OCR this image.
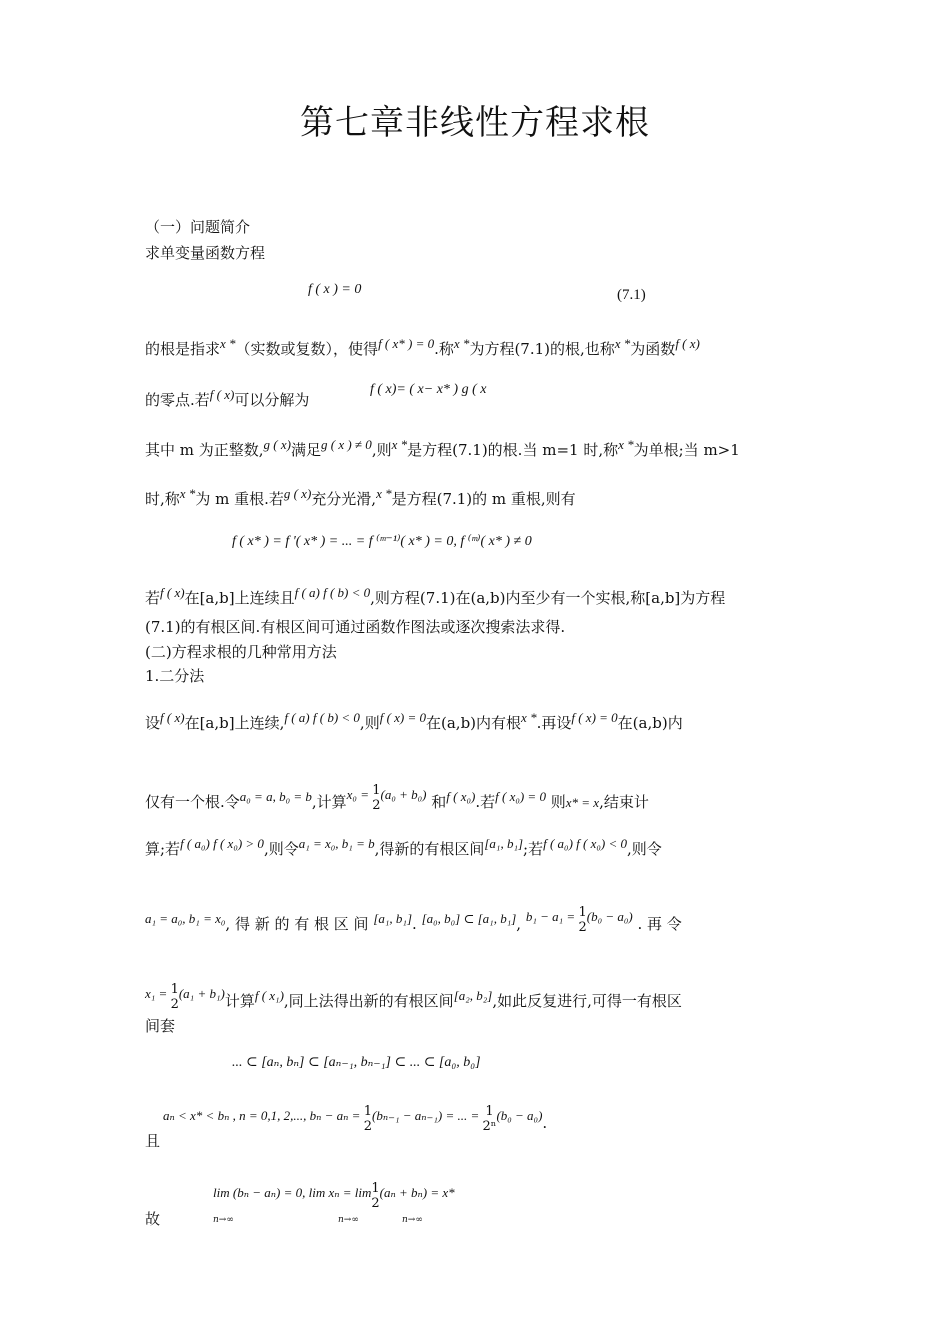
第七章非线性方程求根
（一）问题简介
求单变量函数方程
f ( x ) = 0	(7.1)
的根是指求x *（实数或复数），使得f ( x* ) = 0.称x *为方程(7.1)的根,也称x *为函数f ( x)
的零点.若f ( x)可以分解为
f ( x)= ( x− x* ) g ( x
其中 m 为正整数,g ( x)满足g ( x ) ≠ 0,则x *是方程(7.1)的根.当 m=1 时,称x *为单根;当 m>1
时,称x *为 m 重根.若g ( x)充分光滑,x *是方程(7.1)的 m 重根,则有
f ( x* ) = f '( x* ) = ... = f ⁽ᵐ⁻¹⁾( x* ) = 0, f ⁽ᵐ⁾( x* ) ≠ 0
若f ( x)在[a,b]上连续且f ( a) f ( b) < 0,则方程(7.1)在(a,b)内至少有一个实根,称[a,b]为方程
(7.1)的有根区间.有根区间可通过函数作图法或逐次搜索法求得.
(二)方程求根的几种常用方法
1.二分法
设f ( x)在[a,b]上连续,f ( a) f ( b) < 0,则f ( x) = 0在(a,b)内有根x *.再设f ( x) = 0在(a,b)内
仅有一个根.令a₀ = a, b₀ = b,计算x₀ = 1
2
(a₀ + b₀) 和f ( x₀).若f ( x₀) = 0 则x* = x,结束计
算;若f ( a₀) f ( x₀) > 0,则令a₁ = x₀, b₁ = b,得新的有根区间[a₁, b₁];若f ( a₀) f ( x₀) < 0,则令
a₁ = a₀, b₁ = x₀, 得 新 的 有 根 区 间 [a₁, b₁]. [a₀, b₀] ⊂ [a₁, b₁], b₁ − a₁ = 1
2
(b₀ − a₀) . 再 令
x₁ = 1
2
(a₁ + b₁)计算f ( x₁),同上法得出新的有根区间[a₂, b₂],如此反复进行,可得一有根区
间套
... ⊂ [aₙ, bₙ] ⊂ [aₙ₋₁, bₙ₋₁] ⊂ ... ⊂ [a₀, b₀]
且
aₙ < x* < bₙ , n = 0,1, 2,..., bₙ − aₙ = 1
2
(bₙ₋₁ − aₙ₋₁) = ... = 1
2ⁿ
(b₀ − a₀).
故
lim (bₙ − aₙ) = 0, lim xₙ = lim 1
2
(aₙ + bₙ) = x*
n→∞	n→∞	n→∞
